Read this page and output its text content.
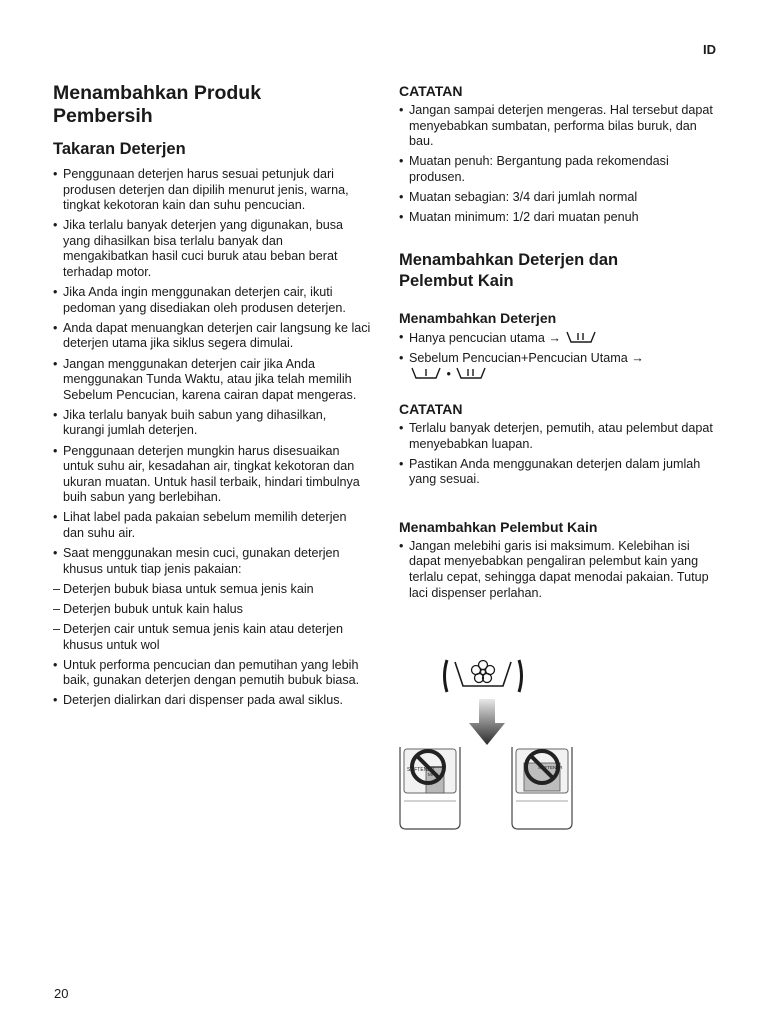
ID
Menambahkan Produk Pembersih
Takaran Deterjen
• Penggunaan deterjen harus sesuai petunjuk dari produsen deterjen dan dipilih menurut jenis, warna, tingkat kekotoran kain dan suhu pencucian.
• Jika terlalu banyak deterjen yang digunakan, busa yang dihasilkan bisa terlalu banyak dan mengakibatkan hasil cuci buruk atau beban berat terhadap motor.
• Jika Anda ingin menggunakan deterjen cair, ikuti pedoman yang disediakan oleh produsen deterjen.
• Anda dapat menuangkan deterjen cair langsung ke laci deterjen utama jika siklus segera dimulai.
• Jangan menggunakan deterjen cair jika Anda menggunakan Tunda Waktu, atau jika telah memilih Sebelum Pencucian, karena cairan dapat mengeras.
• Jika terlalu banyak buih sabun yang dihasilkan, kurangi jumlah deterjen.
• Penggunaan deterjen mungkin harus disesuaikan untuk suhu air, kesadahan air, tingkat kekotoran dan ukuran muatan. Untuk hasil terbaik, hindari timbulnya buih sabun yang berlebihan.
• Lihat label pada pakaian sebelum memilih deterjen dan suhu air.
• Saat menggunakan mesin cuci, gunakan deterjen khusus untuk tiap jenis pakaian:
– Deterjen bubuk biasa untuk semua jenis kain
– Deterjen bubuk untuk kain halus
– Deterjen cair untuk semua jenis kain atau deterjen khusus untuk wol
• Untuk performa pencucian dan pemutihan yang lebih baik, gunakan deterjen dengan pemutih bubuk biasa.
• Deterjen dialirkan dari dispenser pada awal siklus.
CATATAN
• Jangan sampai deterjen mengeras. Hal tersebut dapat menyebabkan sumbatan, performa bilas buruk, dan bau.
• Muatan penuh: Bergantung pada rekomendasi produsen.
• Muatan sebagian: 3/4 dari jumlah normal
• Muatan minimum: 1/2 dari muatan penuh
Menambahkan Deterjen dan Pelembut Kain
Menambahkan Deterjen
• Hanya pencucian utama →
• Sebelum Pencucian+Pencucian Utama →
•
CATATAN
• Terlalu banyak deterjen, pemutih, atau pelembut dapat menyebabkan luapan.
• Pastikan Anda menggunakan deterjen dalam jumlah yang sesuai.
Menambahkan Pelembut Kain
• Jangan melebihi garis isi maksimum. Kelebihan isi dapat menyebabkan pengaliran pelembut kain yang terlalu cepat, sehingga dapat menodai pakaian. Tutup laci dispenser perlahan.
SOFTENER
MAX
SOFTENER
20
